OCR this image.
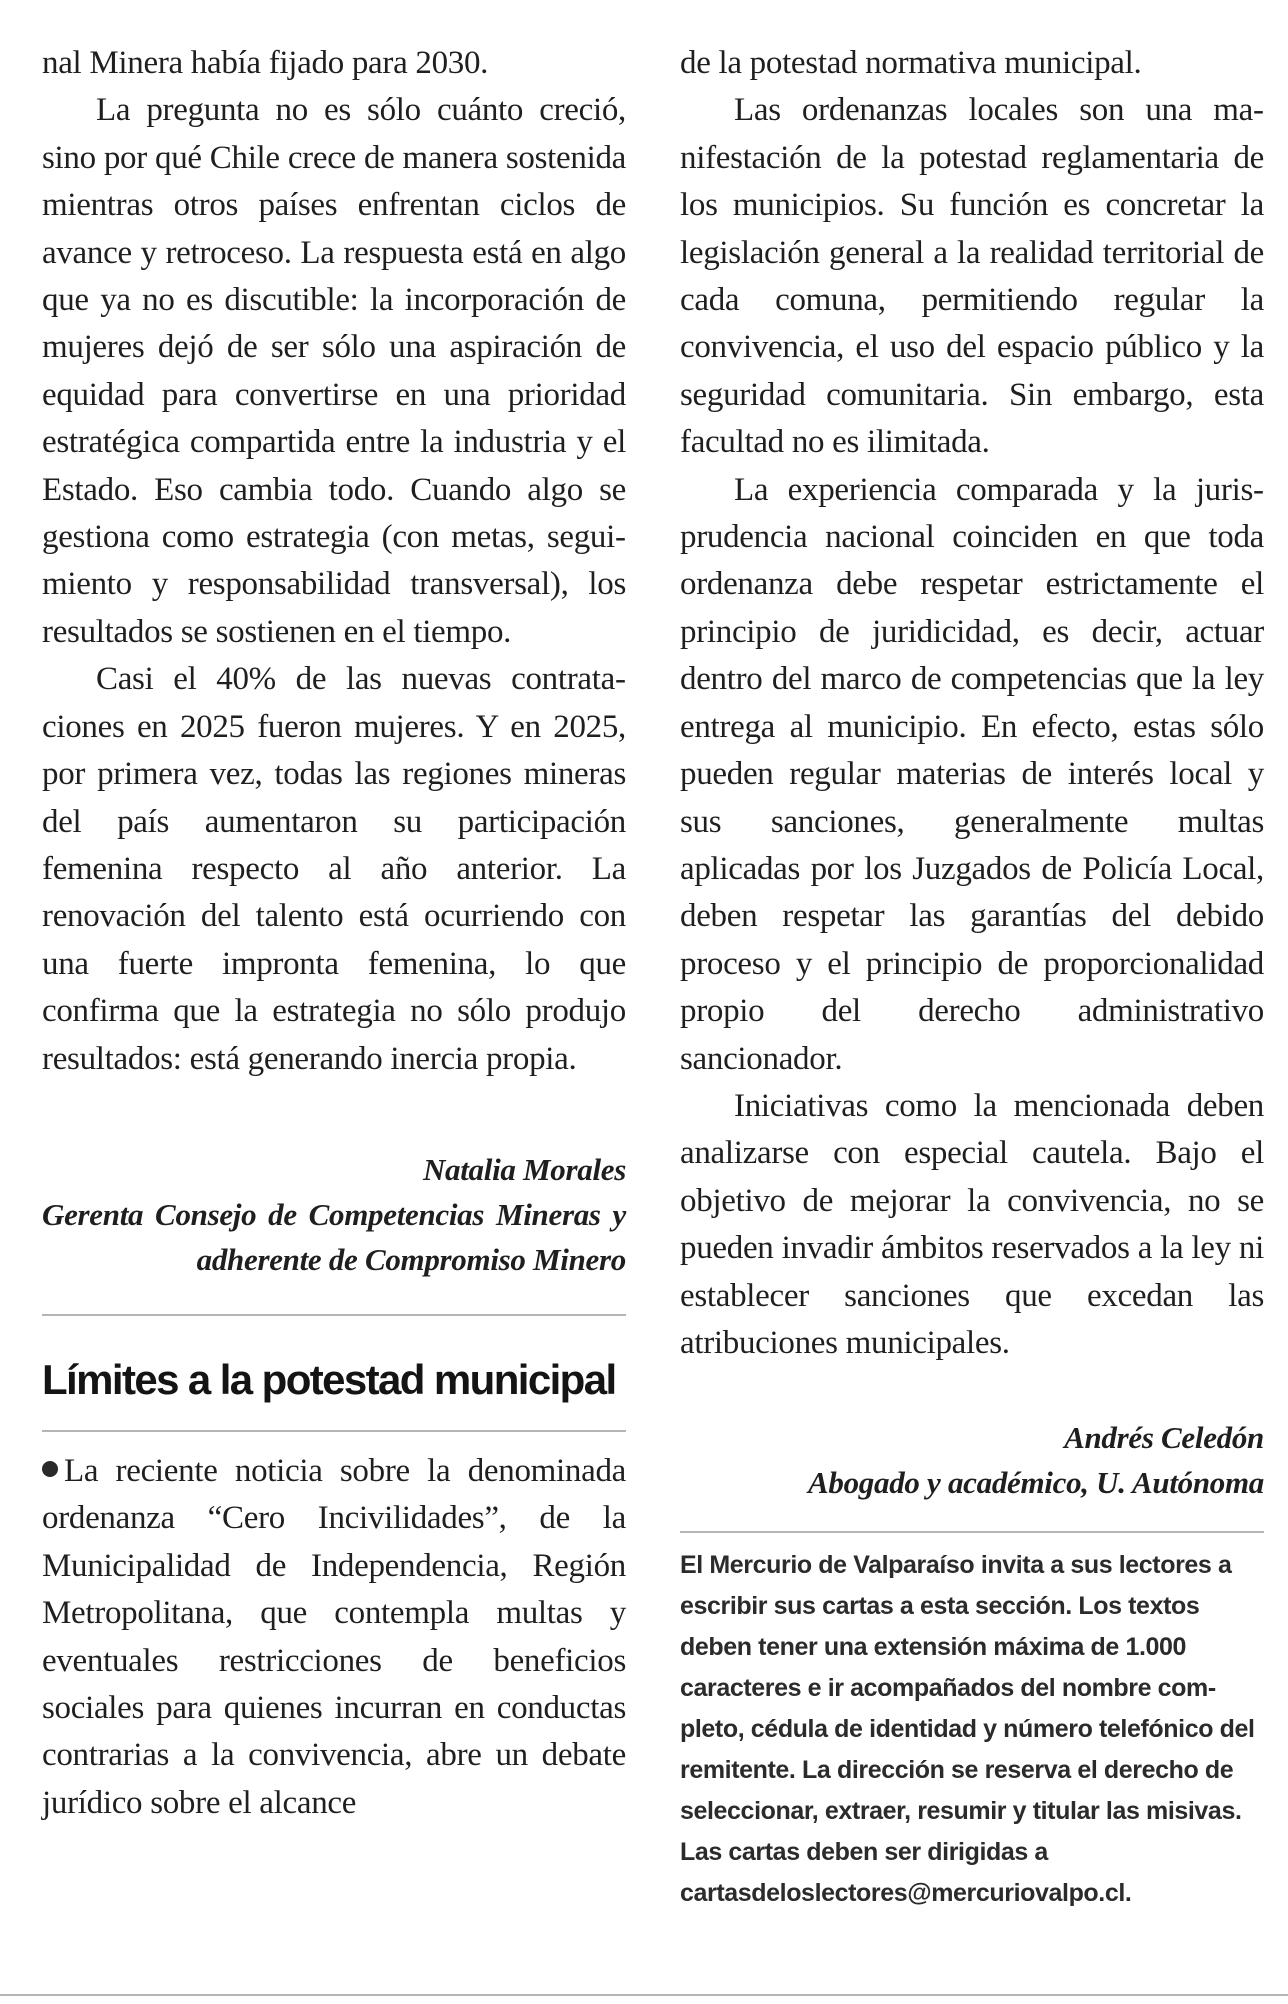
nal Minera había fijado para 2030.

La pregunta no es sólo cuánto creció, sino por qué Chile crece de manera sostenida mientras otros países enfrentan ciclos de avance y retroceso. La respuesta está en algo que ya no es discutible: la incorporación de mujeres dejó de ser sólo una aspiración de equidad para convertirse en una prioridad estratégica compartida entre la industria y el Estado. Eso cambia todo. Cuando algo se gestiona como estrategia (con metas, seguimiento y responsabilidad transversal), los resultados se sostienen en el tiempo.

Casi el 40% de las nuevas contrataciones en 2025 fueron mujeres. Y en 2025, por primera vez, todas las regiones mineras del país aumentaron su participación femenina respecto al año anterior. La renovación del talento está ocurriendo con una fuerte impronta femenina, lo que confirma que la estrategia no sólo produjo resultados: está generando inercia propia.

Natalia Morales

Gerenta Consejo de Competencias Mineras y adherente de Compromiso Minero

Límites a la potestad municipal

La reciente noticia sobre la denominada ordenanza “Cero Incivilidades”, de la Municipalidad de Independencia, Región Metropolitana, que contempla multas y eventuales restricciones de beneficios sociales para quienes incurran en conductas contrarias a la convivencia, abre un debate jurídico sobre el alcance

de la potestad normativa municipal.

Las ordenanzas locales son una manifestación de la potestad reglamentaria de los municipios. Su función es concretar la legislación general a la realidad territorial de cada comuna, permitiendo regular la convivencia, el uso del espacio público y la seguridad comunitaria. Sin embargo, esta facultad no es ilimitada.

La experiencia comparada y la jurisprudencia nacional coinciden en que toda ordenanza debe respetar estrictamente el principio de juridicidad, es decir, actuar dentro del marco de competencias que la ley entrega al municipio. En efecto, estas sólo pueden regular materias de interés local y sus sanciones, generalmente multas aplicadas por los Juzgados de Policía Local, deben respetar las garantías del debido proceso y el principio de proporcionalidad propio del derecho administrativo sancionador.

Iniciativas como la mencionada deben analizarse con especial cautela. Bajo el objetivo de mejorar la convivencia, no se pueden invadir ámbitos reservados a la ley ni establecer sanciones que excedan las atribuciones municipales.

Andrés Celedón

Abogado y académico, U. Autónoma

El Mercurio de Valparaíso invita a sus lectores a escribir sus cartas a esta sección. Los textos deben tener una extensión máxima de 1.000 caracteres e ir acompañados del nombre completo, cédula de identidad y número telefónico del remitente. La dirección se reserva el derecho de seleccionar, extraer, resumir y titular las misivas. Las cartas deben ser dirigidas a cartasdeloslectores@mercuriovalpo.cl.
